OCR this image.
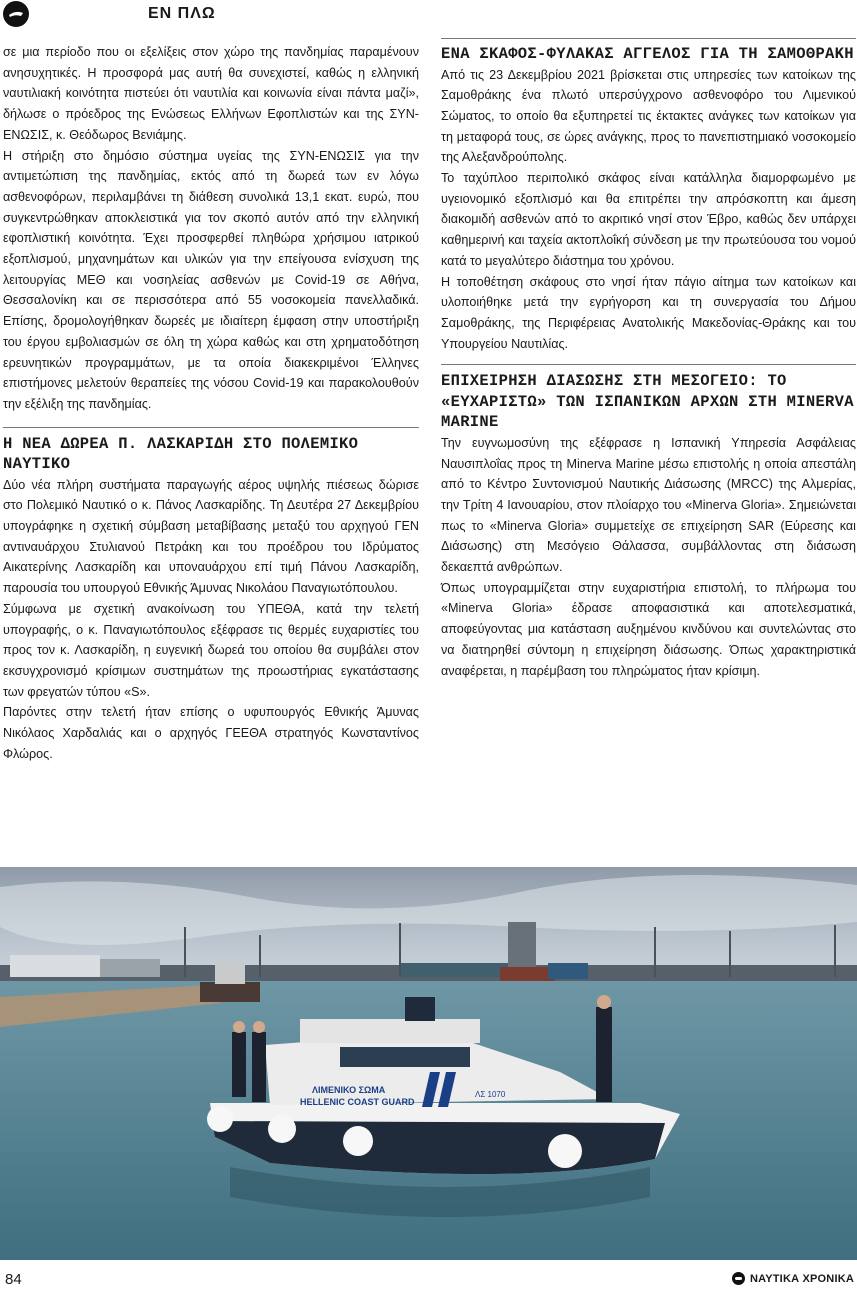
ΕΝ ΠΛΩ

σε μια περίοδο που οι εξελίξεις στον χώρο της πανδημίας παραμένουν ανησυχητικές. Η προσφορά μας αυτή θα συνεχιστεί, καθώς η ελληνική ναυτιλιακή κοινότητα πιστεύει ότι ναυτιλία και κοινωνία είναι πάντα μαζί», δήλωσε ο πρόεδρος της Ενώσεως Ελλήνων Εφοπλιστών και της ΣΥΝ-ΕΝΩΣΙΣ, κ. Θεόδωρος Βενιάμης.

Η στήριξη στο δημόσιο σύστημα υγείας της ΣΥΝ-ΕΝΩΣΙΣ για την αντιμετώπιση της πανδημίας, εκτός από τη δωρεά των εν λόγω ασθενοφόρων, περιλαμβάνει τη διάθεση συνολικά 13,1 εκατ. ευρώ, που συγκεντρώθηκαν αποκλειστικά για τον σκοπό αυτόν από την ελληνική εφοπλιστική κοινότητα. Έχει προσφερθεί πληθώρα χρήσιμου ιατρικού εξοπλισμού, μηχανημάτων και υλικών για την επείγουσα ενίσχυση της λειτουργίας ΜΕΘ και νοσηλείας ασθενών με Covid-19 σε Αθήνα, Θεσσαλονίκη και σε περισσότερα από 55 νοσοκομεία πανελλαδικά. Επίσης, δρομολογήθηκαν δωρεές με ιδιαίτερη έμφαση στην υποστήριξη του έργου εμβολιασμών σε όλη τη χώρα καθώς και στη χρηματοδότηση ερευνητικών προγραμμάτων, με τα οποία διακεκριμένοι Έλληνες επιστήμονες μελετούν θεραπείες της νόσου Covid-19 και παρακολουθούν την εξέλιξη της πανδημίας.

Η ΝΕΑ ΔΩΡΕΑ Π. ΛΑΣΚΑΡΙΔΗ ΣΤΟ ΠΟΛΕΜΙΚΟ ΝΑΥΤΙΚΟ

Δύο νέα πλήρη συστήματα παραγωγής αέρος υψηλής πιέσεως δώρισε στο Πολεμικό Ναυτικό ο κ. Πάνος Λασκαρίδης. Τη Δευτέρα 27 Δεκεμβρίου υπογράφηκε η σχετική σύμβαση μεταβίβασης μεταξύ του αρχηγού ΓΕΝ αντιναυάρχου Στυλιανού Πετράκη και του προέδρου του Ιδρύματος Αικατερίνης Λασκαρίδη και υποναυάρχου επί τιμή Πάνου Λασκαρίδη, παρουσία του υπουργού Εθνικής Άμυνας Νικολάου Παναγιωτόπουλου.

Σύμφωνα με σχετική ανακοίνωση του ΥΠΕΘΑ, κατά την τελετή υπογραφής, ο κ. Παναγιωτόπουλος εξέφρασε τις θερμές ευχαριστίες του προς τον κ. Λασκαρίδη, η ευγενική δωρεά του οποίου θα συμβάλει στον εκσυγχρονισμό κρίσιμων συστημάτων της προωστήριας εγκατάστασης των φρεγατών τύπου «S».

Παρόντες στην τελετή ήταν επίσης ο υφυπουργός Εθνικής Άμυνας Νικόλαος Χαρδαλιάς και ο αρχηγός ΓΕΕΘΑ στρατηγός Κωνσταντίνος Φλώρος.

ΕΝΑ ΣΚΑΦΟΣ-ΦΥΛΑΚΑΣ ΑΓΓΕΛΟΣ ΓΙΑ ΤΗ ΣΑΜΟΘΡΑΚΗ

Από τις 23 Δεκεμβρίου 2021 βρίσκεται στις υπηρεσίες των κατοίκων της Σαμοθράκης ένα πλωτό υπερσύγχρονο ασθενοφόρο του Λιμενικού Σώματος, το οποίο θα εξυπηρετεί τις έκτακτες ανάγκες των κατοίκων για τη μεταφορά τους, σε ώρες ανάγκης, προς το πανεπιστημιακό νοσοκομείο της Αλεξανδρούπολης.

Το ταχύπλοο περιπολικό σκάφος είναι κατάλληλα διαμορφωμένο με υγειονομικό εξοπλισμό και θα επιτρέπει την απρόσκοπτη και άμεση διακομιδή ασθενών από το ακριτικό νησί στον Έβρο, καθώς δεν υπάρχει καθημερινή και ταχεία ακτοπλοΐκή σύνδεση με την πρωτεύουσα του νομού κατά το μεγαλύτερο διάστημα του χρόνου.

Η τοποθέτηση σκάφους στο νησί ήταν πάγιο αίτημα των κατοίκων και υλοποιήθηκε μετά την εγρήγορση και τη συνεργασία του Δήμου Σαμοθράκης, της Περιφέρειας Ανατολικής Μακεδονίας-Θράκης και του Υπουργείου Ναυτιλίας.

ΕΠΙΧΕΙΡΗΣΗ ΔΙΑΣΩΣΗΣ ΣΤΗ ΜΕΣΟΓΕΙΟ: ΤΟ «ΕΥΧΑΡΙΣΤΩ» ΤΩΝ ΙΣΠΑΝΙΚΩΝ ΑΡΧΩΝ ΣΤΗ MINERVA MARINE

Την ευγνωμοσύνη της εξέφρασε η Ισπανική Υπηρεσία Ασφάλειας Ναυσιπλοΐας προς τη Minerva Marine μέσω επιστολής η οποία απεστάλη από το Κέντρο Συντονισμού Ναυτικής Διάσωσης (MRCC) της Αλμερίας, την Τρίτη 4 Ιανουαρίου, στον πλοίαρχο του «Minerva Gloria». Σημειώνεται πως το «Minerva Gloria» συμμετείχε σε επιχείρηση SAR (Εύρεσης και Διάσωσης) στη Μεσόγειο Θάλασσα, συμβάλλοντας στη διάσωση δεκαεπτά ανθρώπων.

Όπως υπογραμμίζεται στην ευχαριστήρια επιστολή, το πλήρωμα του «Minerva Gloria» έδρασε αποφασιστικά και αποτελεσματικά, αποφεύγοντας μια κατάσταση αυξημένου κινδύνου και συντελώντας στο να διατηρηθεί σύντομη η επιχείρηση διάσωσης. Όπως χαρακτηριστικά αναφέρεται, η παρέμβαση του πληρώματος ήταν κρίσιμη.

ΛΙΜΕΝΙΚΟ ΣΩΜΑ
HELLENIC COAST GUARD
ΛΣ 1070
84	ΝΑΥΤΙΚΑ ΧΡΟΝΙΚΑ
